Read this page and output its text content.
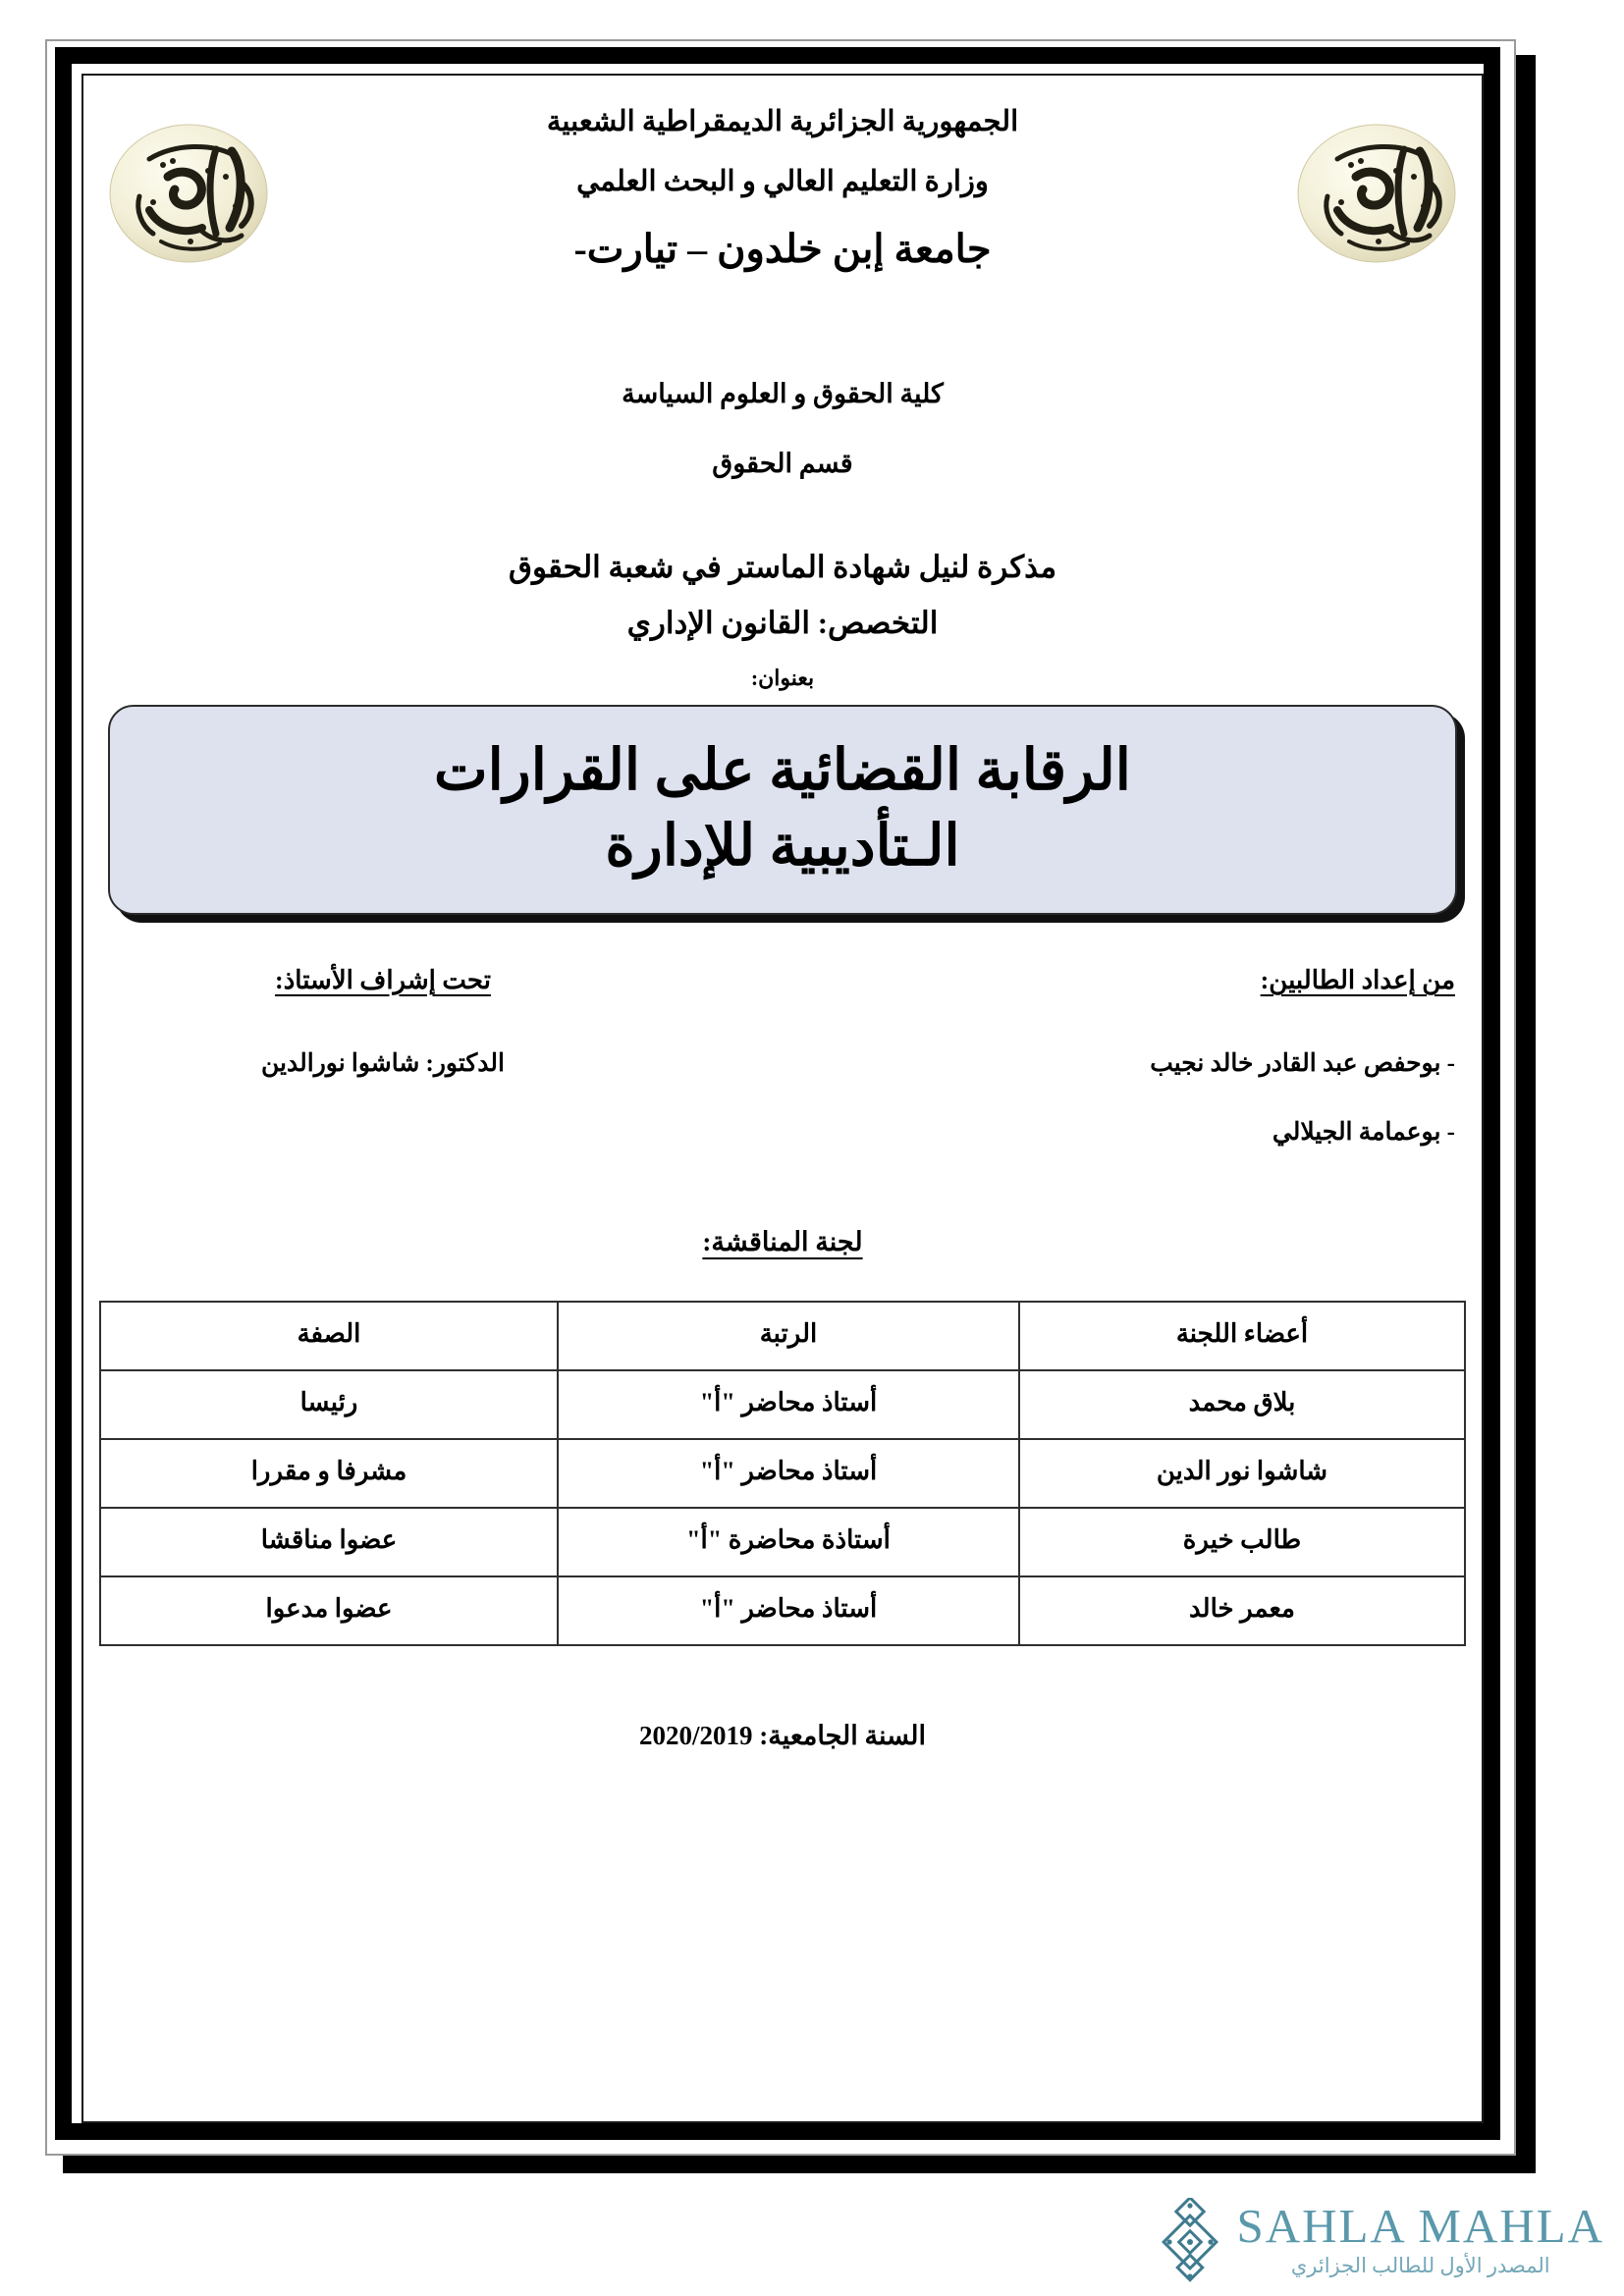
الجمهورية الجزائرية الديمقراطية الشعبية
وزارة التعليم العالي و البحث العلمي
جامعة إبن خلدون – تيارت-
كلية الحقوق و العلوم السياسة
قسم الحقوق
مذكرة لنيل شهادة الماستر في شعبة الحقوق
التخصص: القانون الإداري
بعنوان:
الرقابة القضائية على القرارات
الـتأديبية للإدارة
من إعداد الطالبين:
- بوحفص عبد القادر خالد نجيب
- بوعمامة الجيلالي
تحت إشراف الأستاذ:
الدكتور: شاشوا نورالدين
لجنة المناقشة:
أعضاء اللجنة	الرتبة	الصفة
بلاق محمد	أستاذ محاضر "أ"	رئيسا
شاشوا نور الدين	أستاذ محاضر "أ"	مشرفا و مقررا
طالب خيرة	أستاذة محاضرة "أ"	عضوا مناقشا
معمر خالد	أستاذ محاضر "أ"	عضوا مدعوا
السنة الجامعية: 2020/2019
SAHLA MAHLA
المصدر الأول للطالب الجزائري
